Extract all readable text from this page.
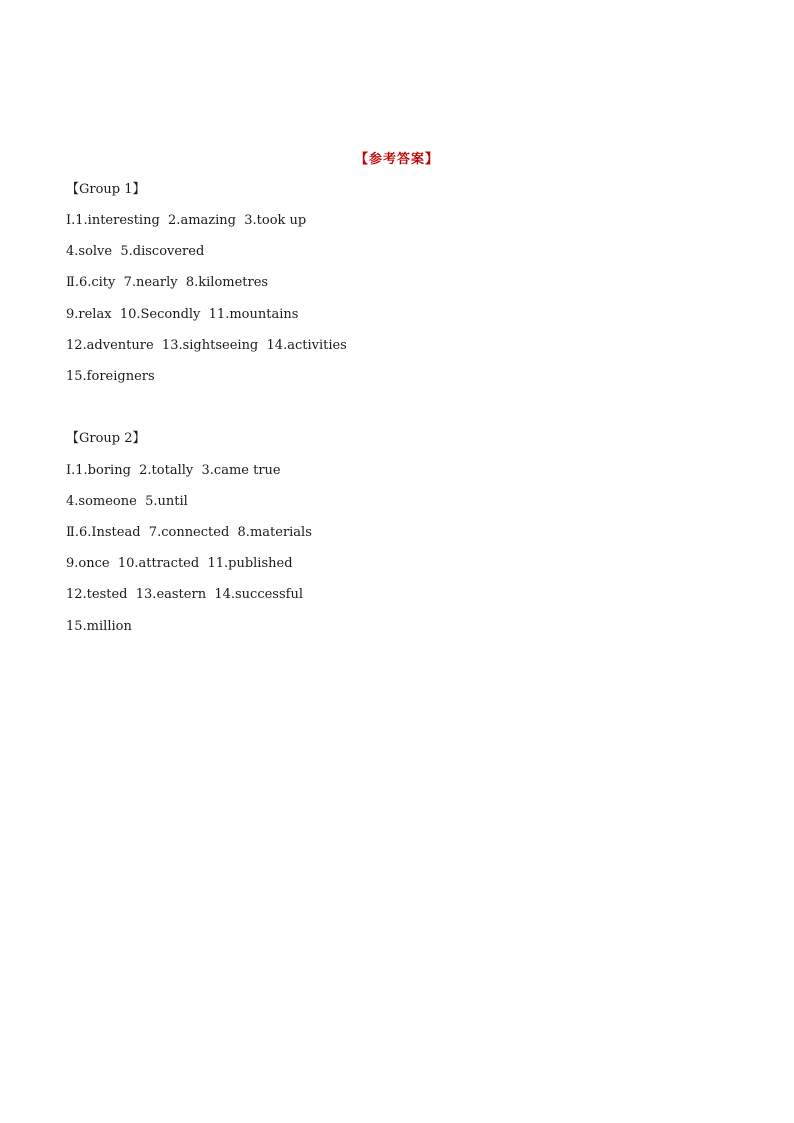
【参考答案】
【Group 1】
Ⅰ.1.interesting  2.amazing  3.took up
4.solve  5.discovered
Ⅱ.6.city  7.nearly  8.kilometres
9.relax  10.Secondly  11.mountains
12.adventure  13.sightseeing  14.activities
15.foreigners
【Group 2】
Ⅰ.1.boring  2.totally  3.came true
4.someone  5.until
Ⅱ.6.Instead  7.connected  8.materials
9.once  10.attracted  11.published
12.tested  13.eastern  14.successful
15.million
